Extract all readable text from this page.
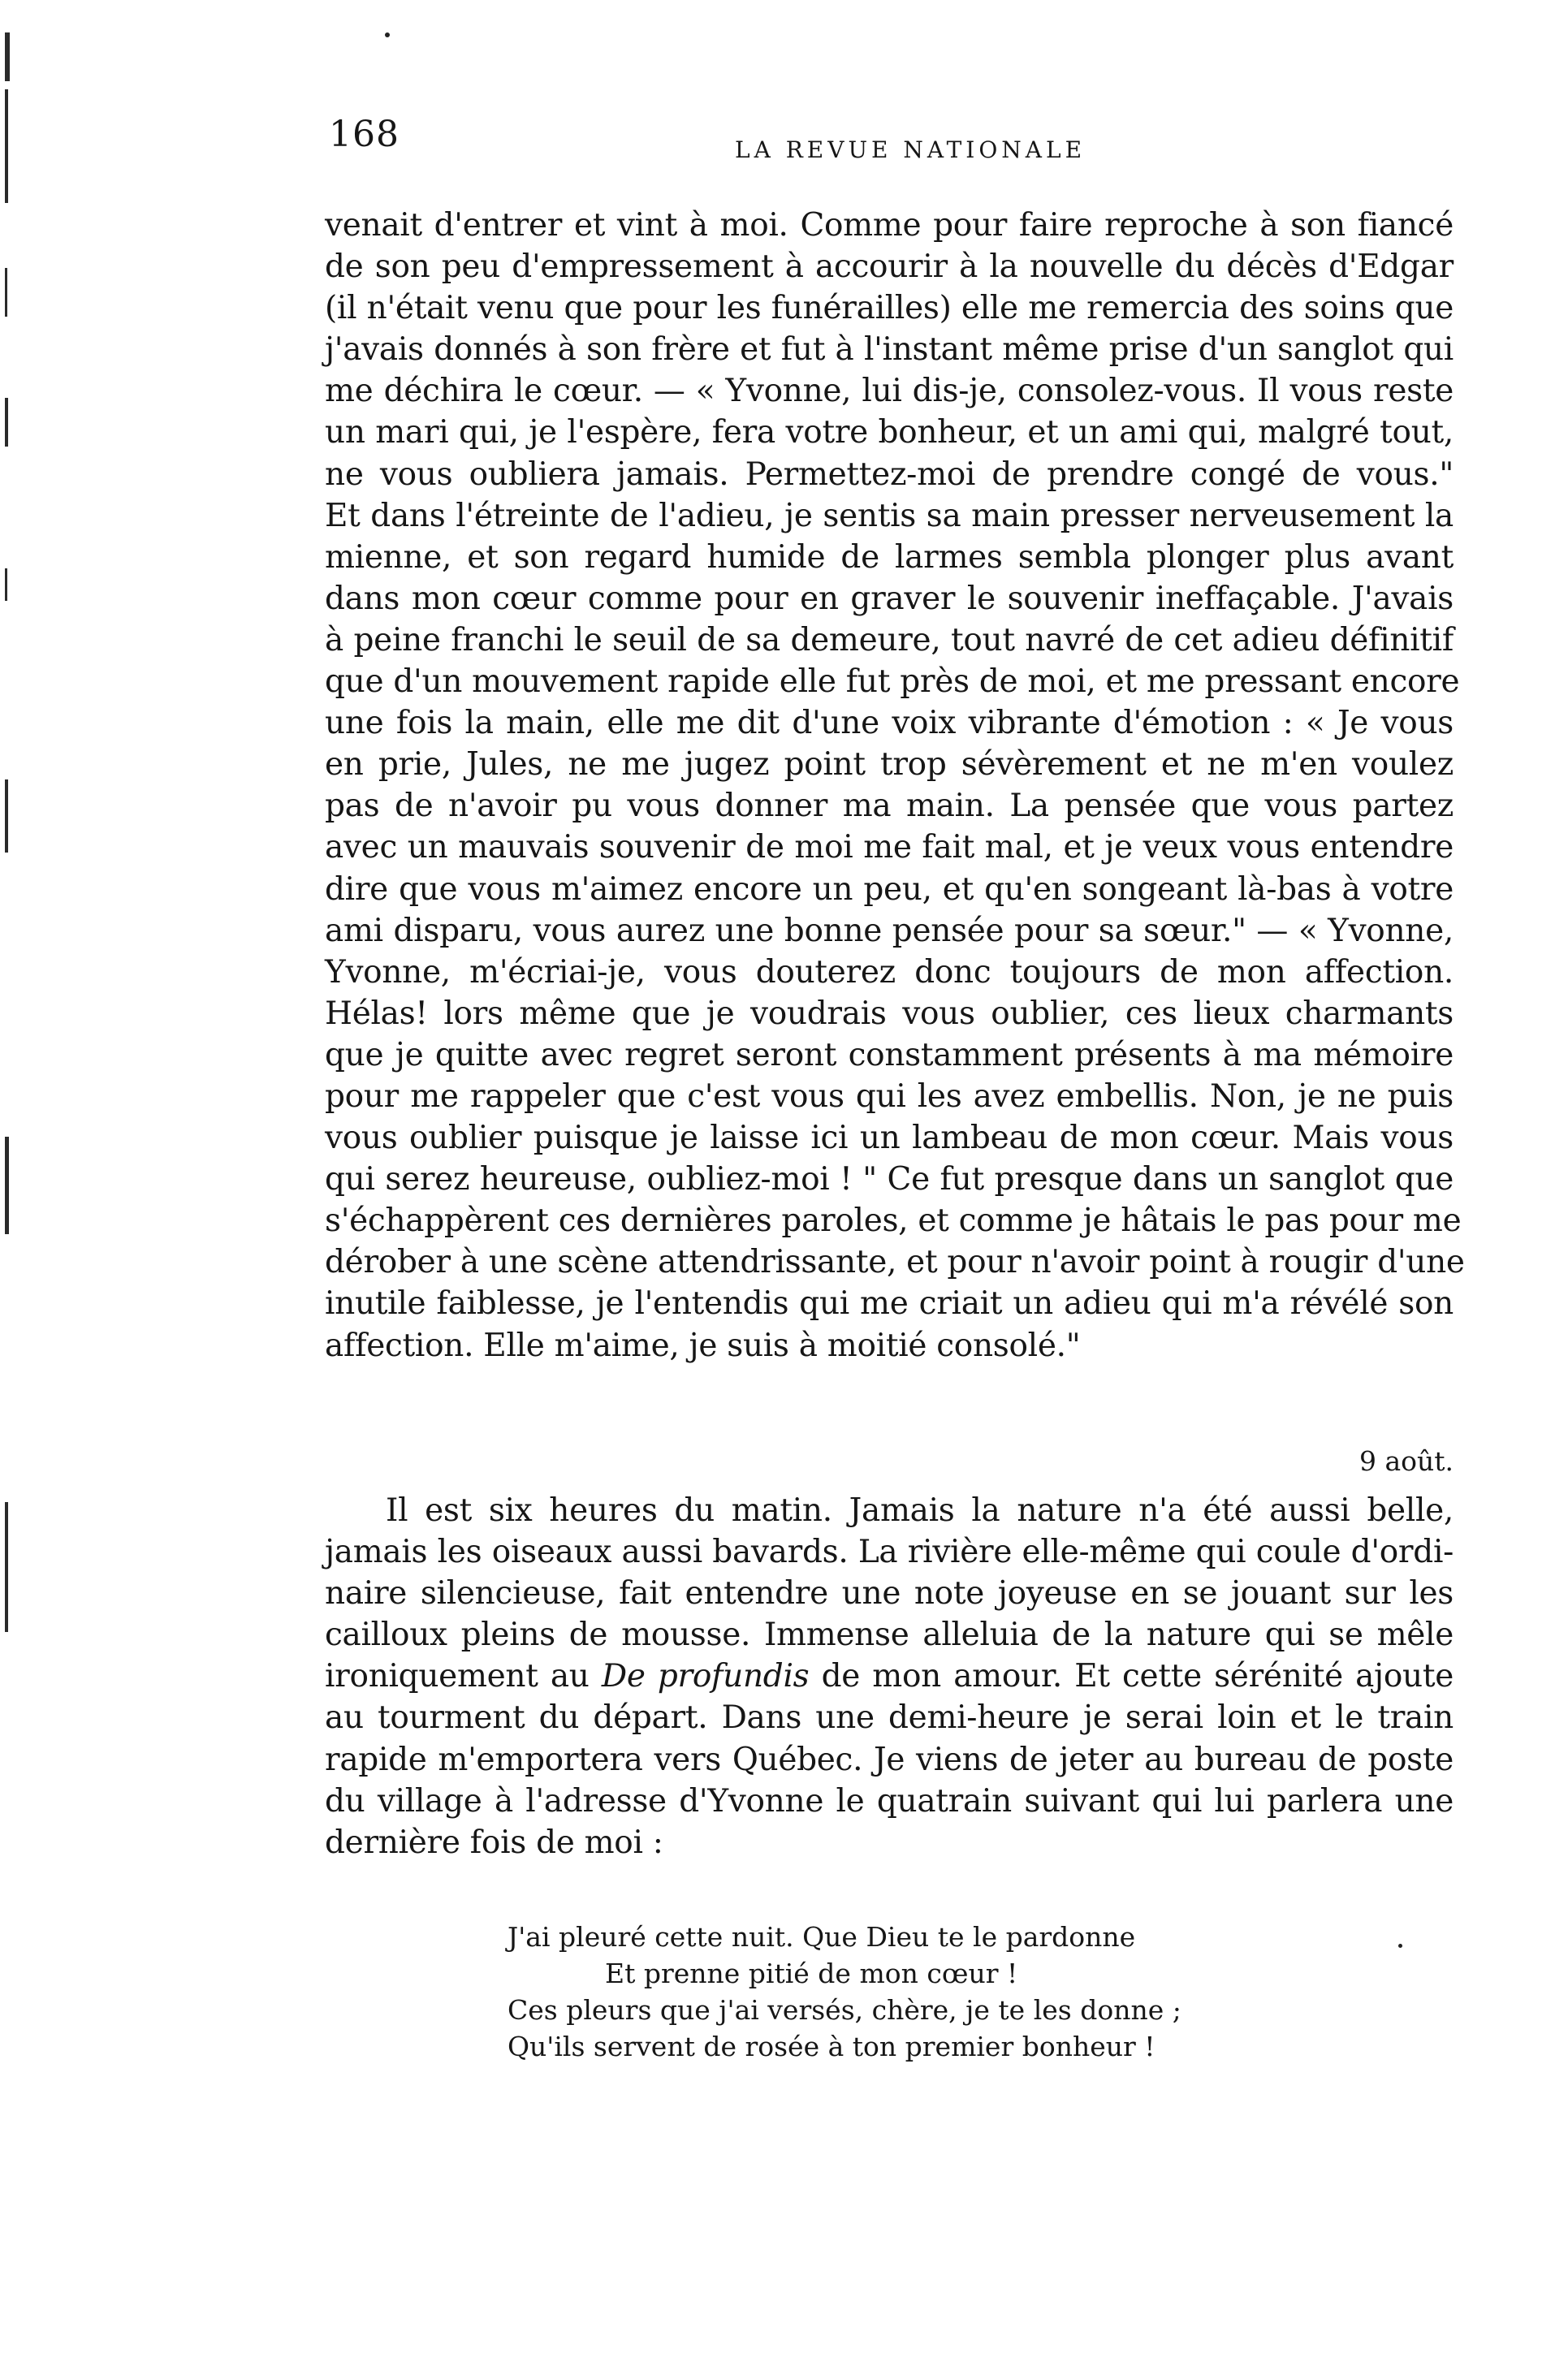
168	LA REVUE NATIONALE
venait d'entrer et vint à moi. Comme pour faire reproche à son fiancé
de son peu d'empressement à accourir à la nouvelle du décès d'Edgar
(il n'était venu que pour les funérailles) elle me remercia des soins que
j'avais donnés à son frère et fut à l'instant même prise d'un sanglot qui
me déchira le cœur. — « Yvonne, lui dis-je, consolez-vous. Il vous reste
un mari qui, je l'espère, fera votre bonheur, et un ami qui, malgré tout,
ne vous oubliera jamais. Permettez-moi de prendre congé de vous."
Et dans l'étreinte de l'adieu, je sentis sa main presser nerveusement la
mienne, et son regard humide de larmes sembla plonger plus avant
dans mon cœur comme pour en graver le souvenir ineffaçable. J'avais
à peine franchi le seuil de sa demeure, tout navré de cet adieu définitif
que d'un mouvement rapide elle fut près de moi, et me pressant encore
une fois la main, elle me dit d'une voix vibrante d'émotion : « Je vous
en prie, Jules, ne me jugez point trop sévèrement et ne m'en voulez
pas de n'avoir pu vous donner ma main. La pensée que vous partez
avec un mauvais souvenir de moi me fait mal, et je veux vous entendre
dire que vous m'aimez encore un peu, et qu'en songeant là-bas à votre
ami disparu, vous aurez une bonne pensée pour sa sœur." — « Yvonne,
Yvonne, m'écriai-je, vous douterez donc toujours de mon affection.
Hélas! lors même que je voudrais vous oublier, ces lieux charmants
que je quitte avec regret seront constamment présents à ma mémoire
pour me rappeler que c'est vous qui les avez embellis. Non, je ne puis
vous oublier puisque je laisse ici un lambeau de mon cœur. Mais vous
qui serez heureuse, oubliez-moi ! " Ce fut presque dans un sanglot que
s'échappèrent ces dernières paroles, et comme je hâtais le pas pour me
dérober à une scène attendrissante, et pour n'avoir point à rougir d'une
inutile faiblesse, je l'entendis qui me criait un adieu qui m'a révélé son
affection. Elle m'aime, je suis à moitié consolé."
9 août.
Il est six heures du matin. Jamais la nature n'a été aussi belle,
jamais les oiseaux aussi bavards. La rivière elle-même qui coule d'ordi-
naire silencieuse, fait entendre une note joyeuse en se jouant sur les
cailloux pleins de mousse. Immense alleluia de la nature qui se mêle
ironiquement au De profundis de mon amour. Et cette sérénité ajoute
au tourment du départ. Dans une demi-heure je serai loin et le train
rapide m'emportera vers Québec. Je viens de jeter au bureau de poste
du village à l'adresse d'Yvonne le quatrain suivant qui lui parlera une
dernière fois de moi :
J'ai pleuré cette nuit. Que Dieu te le pardonne
Et prenne pitié de mon cœur !
Ces pleurs que j'ai versés, chère, je te les donne ;
Qu'ils servent de rosée à ton premier bonheur !
